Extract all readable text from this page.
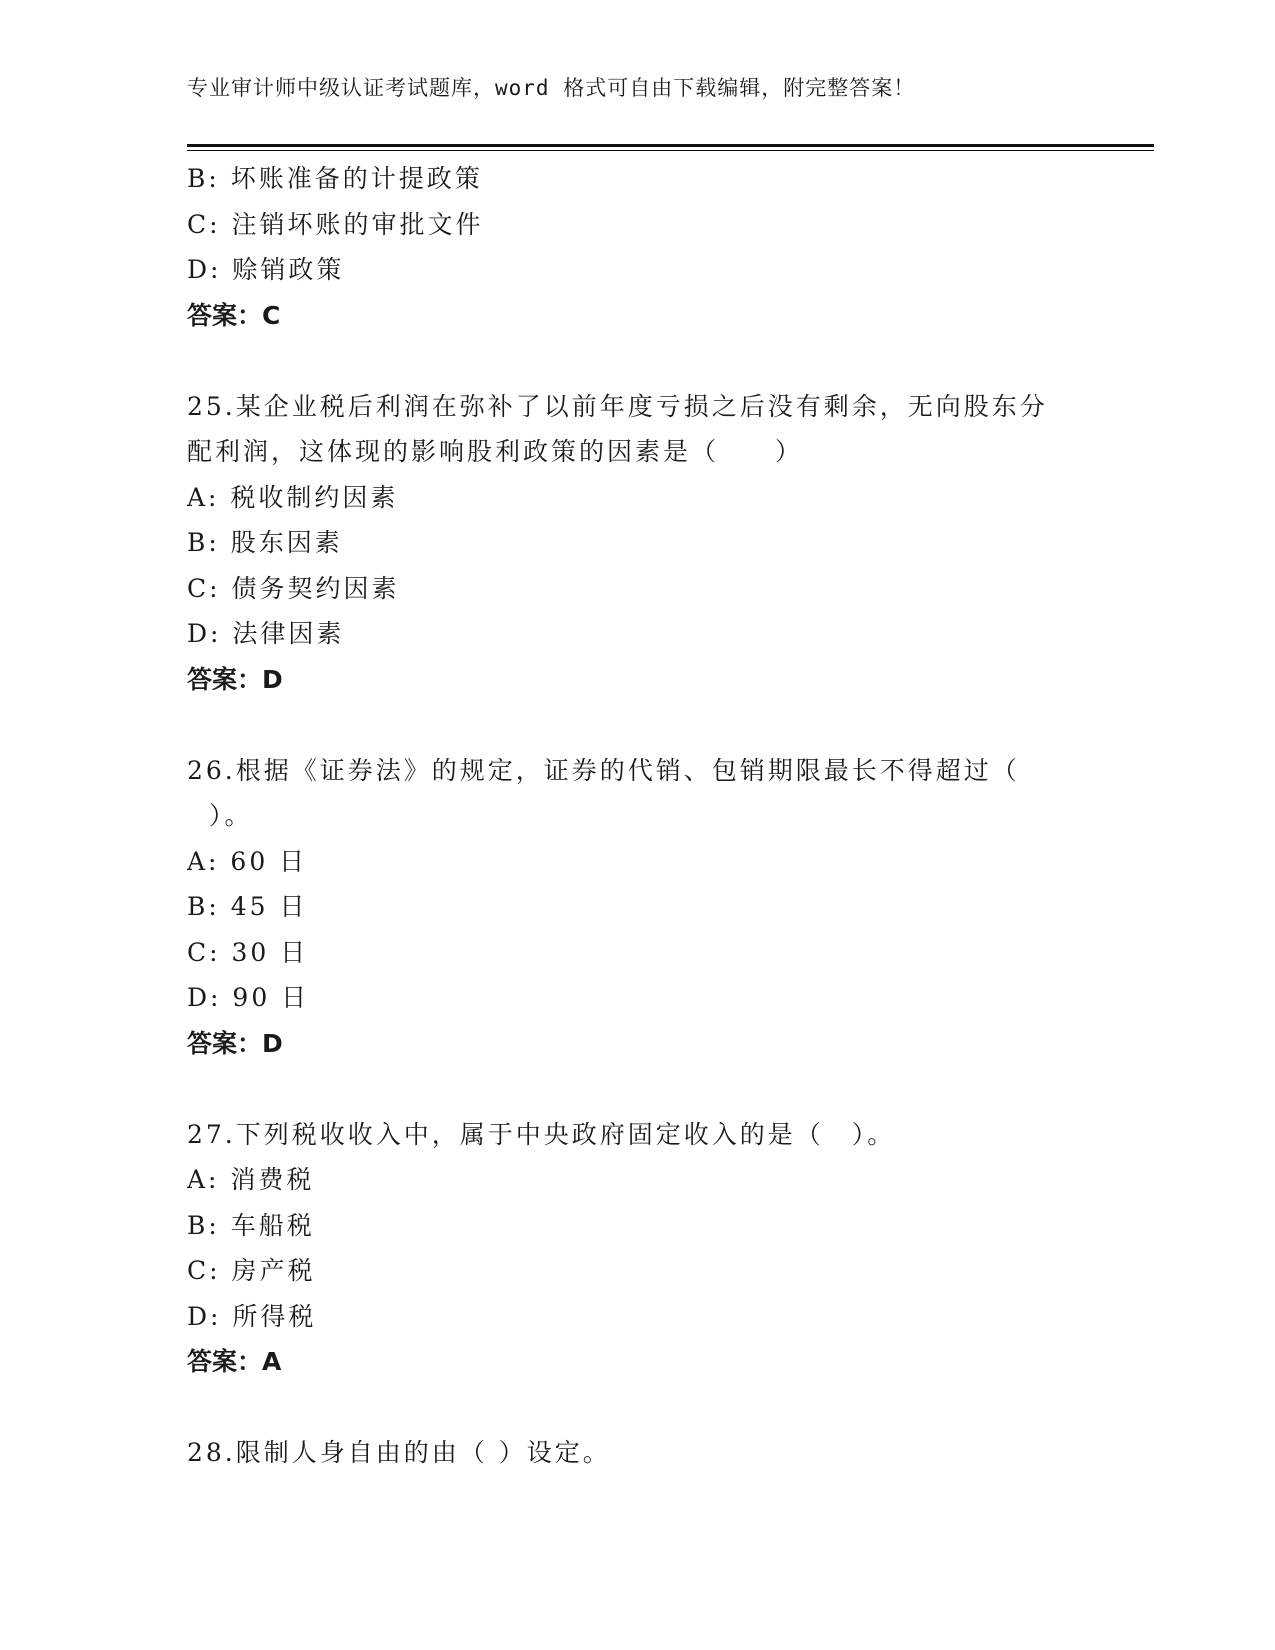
专业审计师中级认证考试题库，word 格式可自由下载编辑，附完整答案！
B: 坏账准备的计提政策
C: 注销坏账的审批文件
D: 赊销政策
答案：C
25.某企业税后利润在弥补了以前年度亏损之后没有剩余，无向股东分
配利润，这体现的影响股利政策的因素是（　　）
A: 税收制约因素
B: 股东因素
C: 债务契约因素
D: 法律因素
答案：D
26.根据《证券法》的规定，证券的代销、包销期限最长不得超过（
）。
A: 60 日
B: 45 日
C: 30 日
D: 90 日
答案：D
27.下列税收收入中，属于中央政府固定收入的是（　）。
A: 消费税
B: 车船税
C: 房产税
D: 所得税
答案：A
28.限制人身自由的由（ ）设定。
